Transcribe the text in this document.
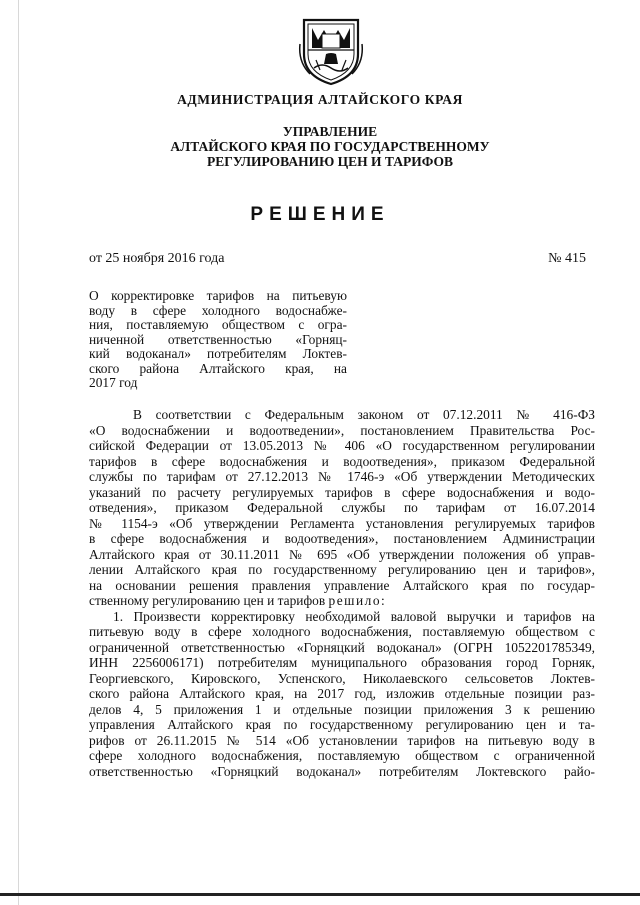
АДМИНИСТРАЦИЯ АЛТАЙСКОГО КРАЯ
УПРАВЛЕНИЕ
АЛТАЙСКОГО КРАЯ ПО ГОСУДАРСТВЕННОМУ
РЕГУЛИРОВАНИЮ ЦЕН И ТАРИФОВ
РЕШЕНИЕ
от 25 ноября 2016 года	№ 415
О корректировке тарифов на питьевую
воду в сфере холодного водоснабже-
ния, поставляемую обществом с огра-
ниченной ответственностью «Горняц-
кий водоканал» потребителям Локтев-
ского района Алтайского края, на
2017 год
В соответствии с Федеральным законом от 07.12.2011 № 416-ФЗ
«О водоснабжении и водоотведении», постановлением Правительства Рос-
сийской Федерации от 13.05.2013 № 406 «О государственном регулировании
тарифов в сфере водоснабжения и водоотведения», приказом Федеральной
службы по тарифам от 27.12.2013 № 1746-э «Об утверждении Методических
указаний по расчету регулируемых тарифов в сфере водоснабжения и водо-
отведения», приказом Федеральной службы по тарифам от 16.07.2014
№ 1154-э «Об утверждении Регламента установления регулируемых тарифов
в сфере водоснабжения и водоотведения», постановлением Администрации
Алтайского края от 30.11.2011 № 695 «Об утверждении положения об управ-
лении Алтайского края по государственному регулированию цен и тарифов»,
на основании решения правления управление Алтайского края по государ-
ственному регулированию цен и тарифов решило:
1. Произвести корректировку необходимой валовой выручки и тарифов на
питьевую воду в сфере холодного водоснабжения, поставляемую обществом с
ограниченной ответственностью «Горняцкий водоканал» (ОГРН 1052201785349,
ИНН 2256006171) потребителям муниципального образования город Горняк,
Георгиевского, Кировского, Успенского, Николаевского сельсоветов Локтев-
ского района Алтайского края, на 2017 год, изложив отдельные позиции раз-
делов 4, 5 приложения 1 и отдельные позиции приложения 3 к решению
управления Алтайского края по государственному регулированию цен и та-
рифов от 26.11.2015 № 514 «Об установлении тарифов на питьевую воду в
сфере холодного водоснабжения, поставляемую обществом с ограниченной
ответственностью «Горняцкий водоканал» потребителям Локтевского райо-
